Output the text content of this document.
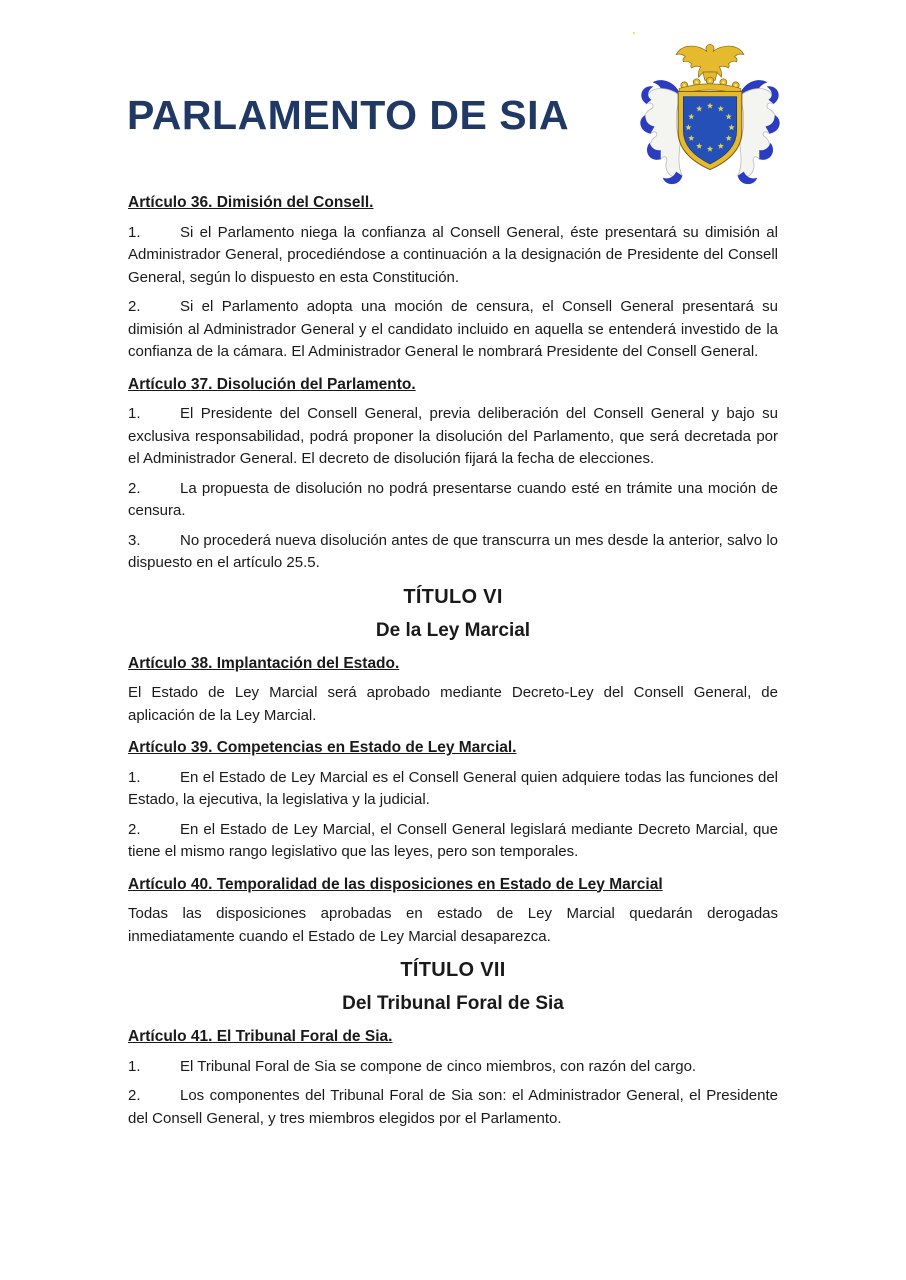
PARLAMENTO DE SIA
Artículo 36. Dimisión del Consell.

1.	Si el Parlamento niega la confianza al Consell General, éste presentará su dimisión al Administrador General, procediéndose a continuación a la designación de Presidente del Consell General, según lo dispuesto en esta Constitución.

2.	Si el Parlamento adopta una moción de censura, el Consell General presentará su dimisión al Administrador General y el candidato incluido en aquella se entenderá investido de la confianza de la cámara. El Administrador General le nombrará Presidente del Consell General.

Artículo 37. Disolución del Parlamento.

1.	El Presidente del Consell General, previa deliberación del Consell General y bajo su exclusiva responsabilidad, podrá proponer la disolución del Parlamento, que será decretada por el Administrador General. El decreto de disolución fijará la fecha de elecciones.

2.	La propuesta de disolución no podrá presentarse cuando esté en trámite una moción de censura.

3.	No procederá nueva disolución antes de que transcurra un mes desde la anterior, salvo lo dispuesto en el artículo 25.5.

TÍTULO VI
De la Ley Marcial
Artículo 38. Implantación del Estado.

El Estado de Ley Marcial será aprobado mediante Decreto-Ley del Consell General, de aplicación de la Ley Marcial.

Artículo 39. Competencias en Estado de Ley Marcial.

1.	En el Estado de Ley Marcial es el Consell General quien adquiere todas las funciones del Estado, la ejecutiva, la legislativa y la judicial.

2.	En el Estado de Ley Marcial, el Consell General legislará mediante Decreto Marcial, que tiene el mismo rango legislativo que las leyes, pero son temporales.

Artículo 40. Temporalidad de las disposiciones en Estado de Ley Marcial

Todas las disposiciones aprobadas en estado de Ley Marcial quedarán derogadas inmediatamente cuando el Estado de Ley Marcial desaparezca.

TÍTULO VII
Del Tribunal Foral de Sia
Artículo 41. El Tribunal Foral de Sia.

1.	El Tribunal Foral de Sia se compone de cinco miembros, con razón del cargo.

2.	Los componentes del Tribunal Foral de Sia son: el Administrador General, el Presidente del Consell General, y tres miembros elegidos por el Parlamento.
